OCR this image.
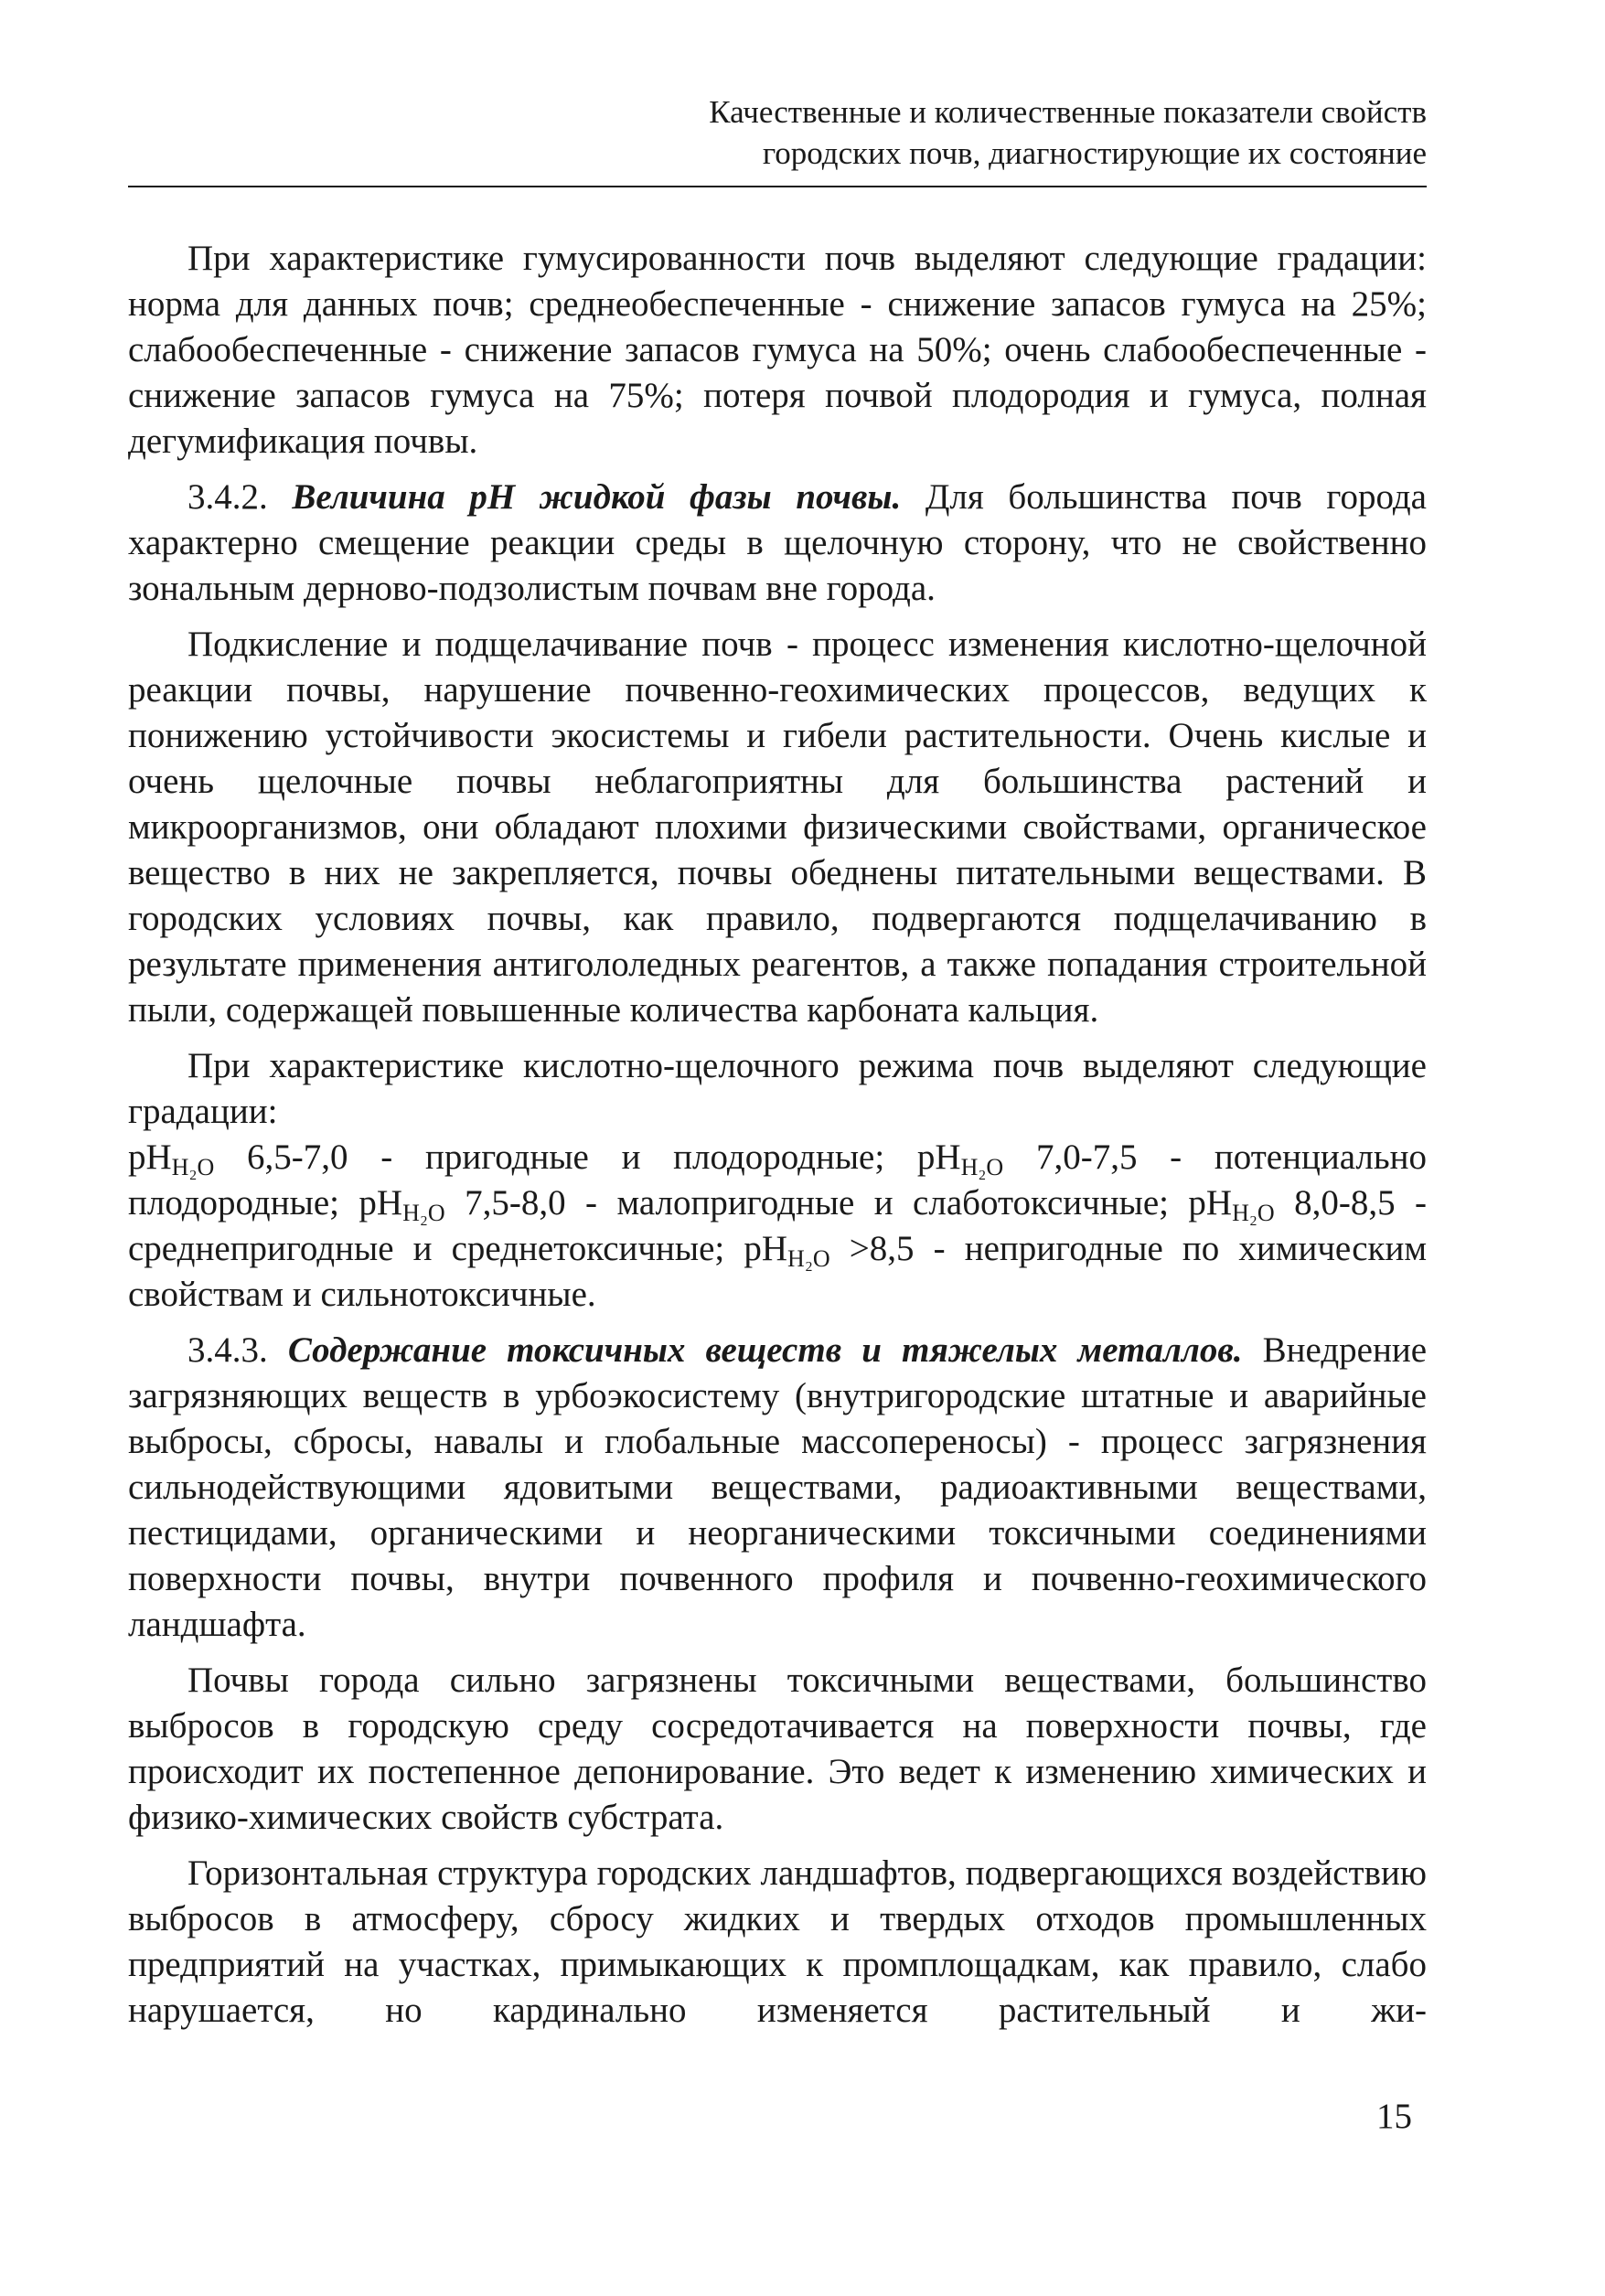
Качественные и количественные показатели свойств
городских почв, диагностирующие их состояние

При характеристике гумусированности почв выделяют следующие градации:

норма для данных почв; среднеобеспеченные - снижение запасов гумуса на 25%; слабообеспеченные - снижение запасов гумуса на 50%; очень слабообеспеченные - снижение запасов гумуса на 75%; потеря почвой плодородия и гумуса, полная дегумификация почвы.

3.4.2. Величина рН жидкой фазы почвы. Для большинства почв города характерно смещение реакции среды в щелочную сторону, что не свойственно зональным дерново-подзолистым почвам вне города.

Подкисление и подщелачивание почв - процесс изменения кислотно-щелочной реакции почвы, нарушение почвенно-геохимических процессов, ведущих к понижению устойчивости экосистемы и гибели растительности. Очень кислые и очень щелочные почвы неблагоприятны для большинства растений и микроорганизмов, они обладают плохими физическими свойствами, органическое вещество в них не закрепляется, почвы обеднены питательными веществами. В городских условиях почвы, как правило, подвергаются подщелачиванию в результате применения антигололедных реагентов, а также попадания строительной пыли, содержащей повышенные количества карбоната кальция.

При характеристике кислотно-щелочного режима почв выделяют следующие градации:

$pH_{H_2O}$ 6,5-7,0 - пригодные и плодородные; $pH_{H_2O}$ 7,0-7,5 - потенциально плодородные; $pH_{H_2O}$ 7,5-8,0 - малопригодные и слаботоксичные; $pH_{H_2O}$ 8,0-8,5 - среднепригодные и среднетоксичные; $pH_{H_2O} >8,5$ - непригодные по химическим свойствам и сильнотоксичные.

3.4.3. Содержание токсичных веществ и тяжелых металлов. Внедрение загрязняющих веществ в урбоэкосистему (внутригородские штатные и аварийные выбросы, сбросы, навалы и глобальные массопереносы) - процесс загрязнения сильнодействующими ядовитыми веществами, радиоактивными веществами, пестицидами, органическими и неорганическими токсичными соединениями поверхности почвы, внутри почвенного профиля и почвенно-геохимического ландшафта.

Почвы города сильно загрязнены токсичными веществами, большинство выбросов в городскую среду сосредотачивается на поверхности почвы, где происходит их постепенное депонирование. Это ведет к изменению химических и физико-химических свойств субстрата.

Горизонтальная структура городских ландшафтов, подвергающихся воздействию выбросов в атмосферу, сбросу жидких и твердых отходов промышленных предприятий на участках, примыкающих к промплощадкам, как правило, слабо нарушается, но кардинально изменяется растительный и жи-

15
